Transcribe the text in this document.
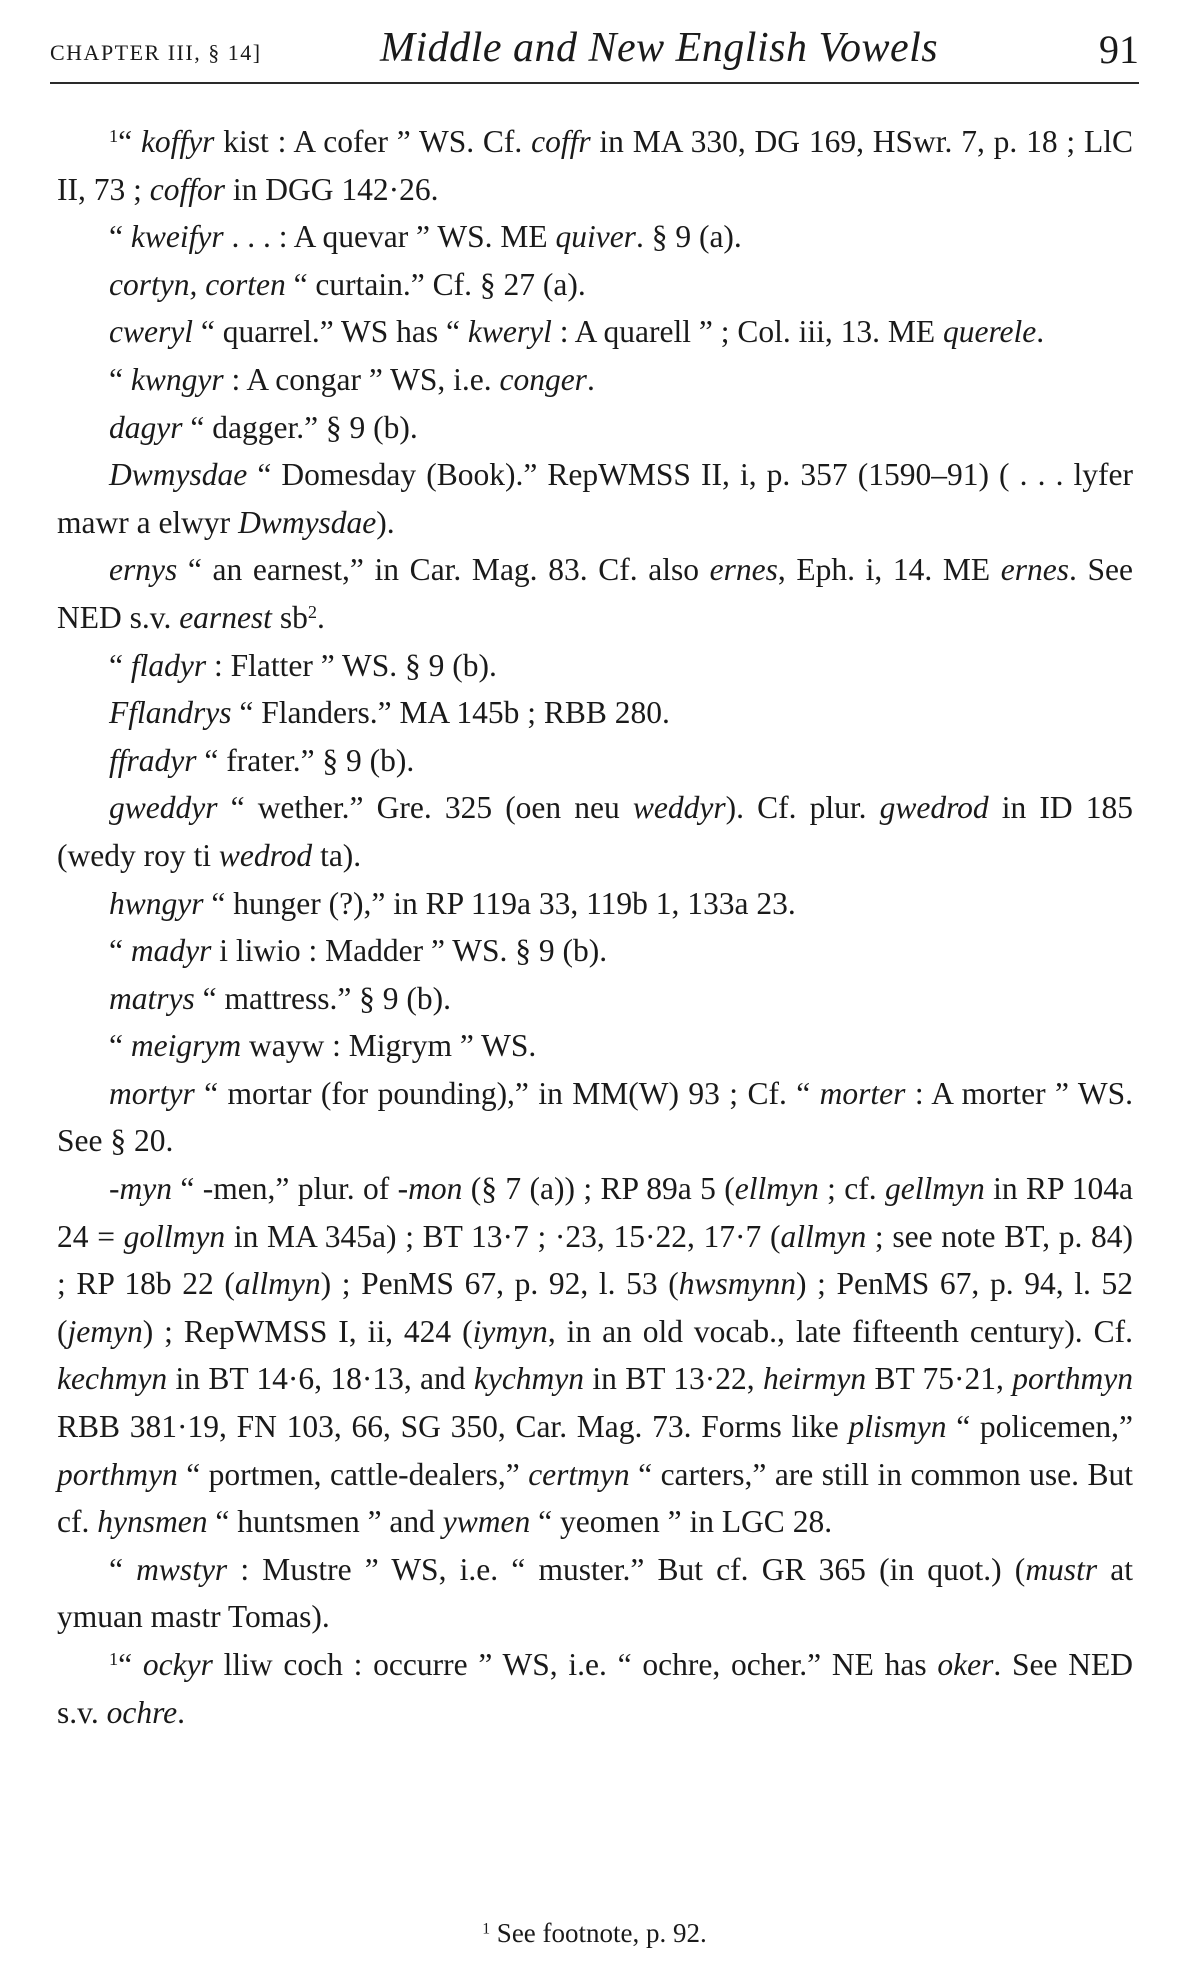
CHAPTER III, § 14]	Middle and New English Vowels	91

$^1$“ koffyr kist : A cofer ” WS. Cf. coffr in MA 330, DG 169, HSwr. 7, p. 18 ; LlC II, 73 ; coffor in DGG 142·26.

“ kweifyr . . . : A quevar ” WS. ME quiver. § 9 (a).

cortyn, corten “ curtain.” Cf. § 27 (a).

cweryl “ quarrel.” WS has “ kweryl : A quarell ” ; Col. iii, 13. ME querele.

“ kwngyr : A congar ” WS, i.e. conger.

dagyr “ dagger.” § 9 (b).

Dwmysdae “ Domesday (Book).” RepWMSS II, i, p. 357 (1590–91) ( . . . lyfer mawr a elwyr Dwmysdae).

ernys “ an earnest,” in Car. Mag. 83. Cf. also ernes, Eph. i, 14. ME ernes. See NED s.v. earnest $sb^2$.

“ fladyr : Flatter ” WS. § 9 (b).

Fflandrys “ Flanders.” MA 145b ; RBB 280.

ffradyr “ frater.” § 9 (b).

gweddyr “ wether.” Gre. 325 (oen neu weddyr). Cf. plur. gwedrod in ID 185 (wedy roy ti wedrod ta).

hwngyr “ hunger (?),” in RP 119a 33, 119b 1, 133a 23.

“ madyr i liwio : Madder ” WS. § 9 (b).

matrys “ mattress.” § 9 (b).

“ meigrym wayw : Migrym ” WS.

mortyr “ mortar (for pounding),” in MM(W) 93 ; Cf. “ morter : A morter ” WS. See § 20.

-myn “ -men,” plur. of -mon (§ 7 (a)) ; RP 89a 5 (ellmyn ; cf. gellmyn in RP 104a 24 = gollmyn in MA 345a) ; BT 13·7 ; ·23, 15·22, 17·7 (allmyn ; see note BT, p. 84) ; RP 18b 22 (allmyn) ; PenMS 67, p. 92, l. 53 (hwsmynn) ; PenMS 67, p. 94, l. 52 (jemyn) ; RepWMSS I, ii, 424 (iymyn, in an old vocab., late fifteenth century). Cf. kechmyn in BT 14·6, 18·13, and kychmyn in BT 13·22, heirmyn BT 75·21, porthmyn RBB 381·19, FN 103, 66, SG 350, Car. Mag. 73. Forms like plismyn “ policemen,” porthmyn “ portmen, cattle-dealers,” certmyn “ carters,” are still in common use. But cf. hynsmen “ huntsmen ” and ywmen “ yeomen ” in LGC 28.

“ mwstyr : Mustre ” WS, i.e. “ muster.” But cf. GR 365 (in quot.) (mustr at ymuan mastr Tomas).

$^1$“ ockyr lliw coch : occurre ” WS, i.e. “ ochre, ocher.” NE has oker. See NED s.v. ochre.

$^1$ See footnote, p. 92.
